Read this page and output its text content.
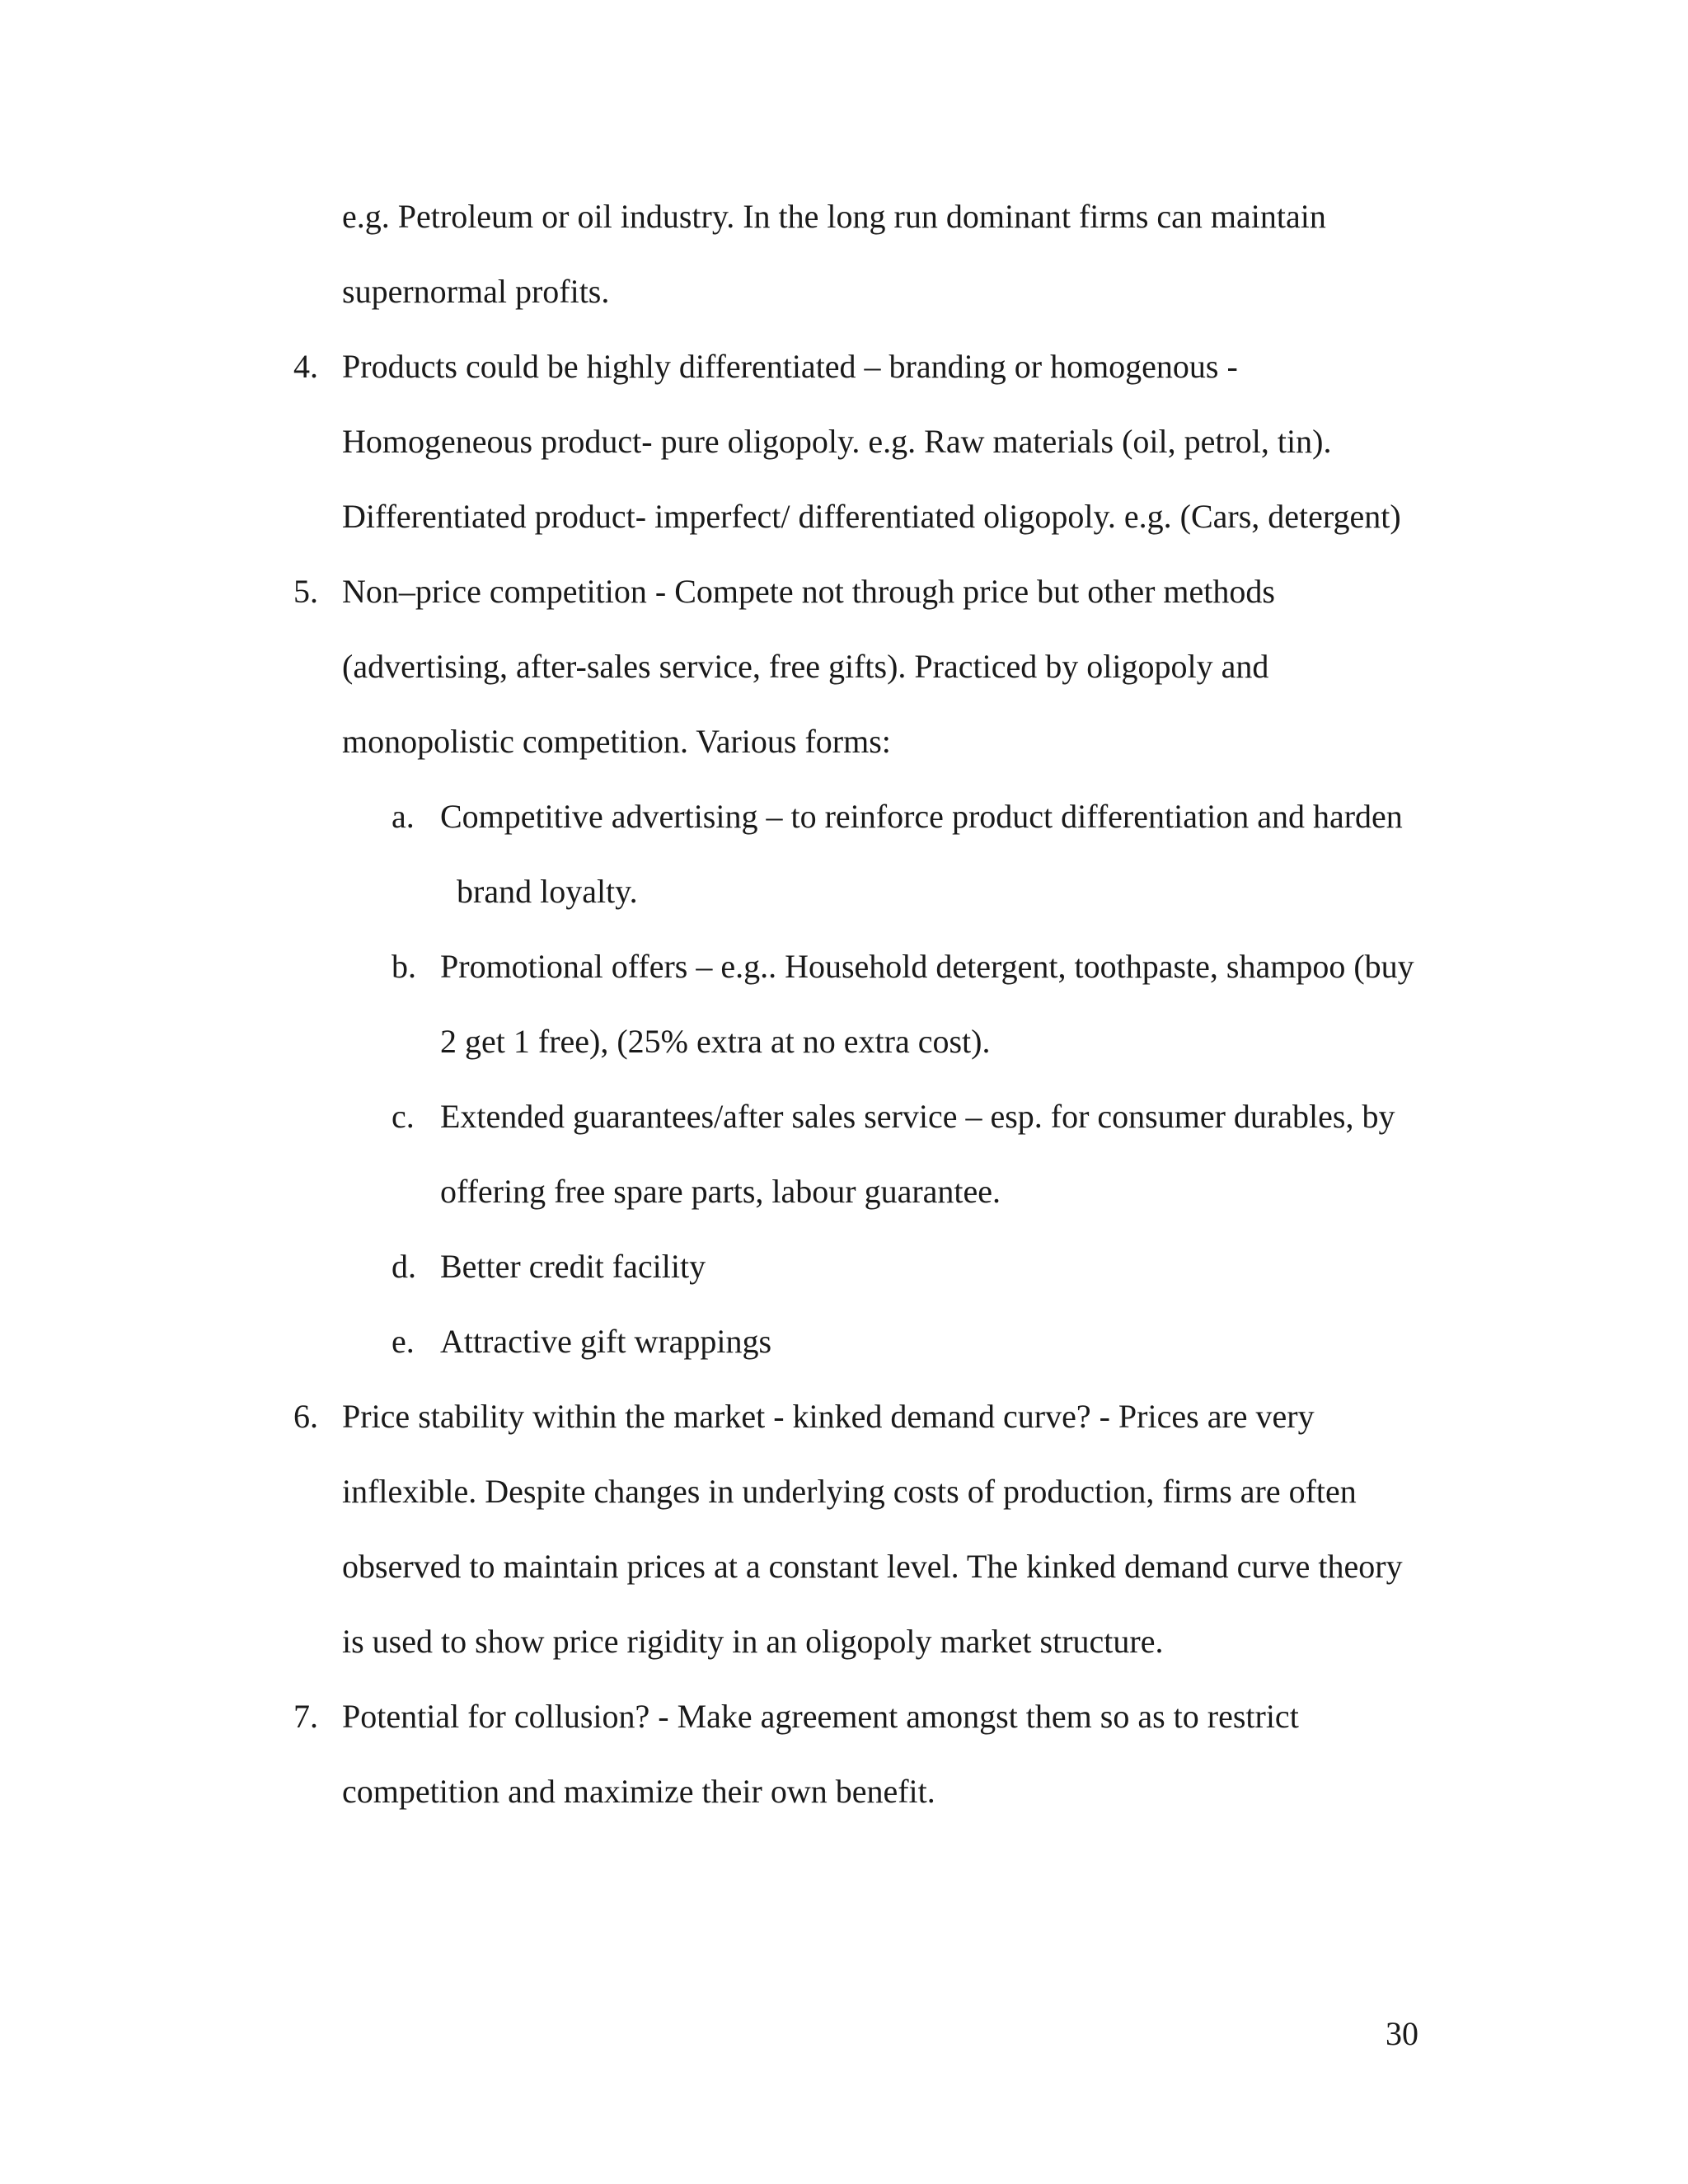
e.g. Petroleum or oil industry. In the long run dominant firms can maintain
supernormal profits.
4. Products could be highly differentiated – branding or homogenous -
Homogeneous product- pure oligopoly. e.g. Raw materials (oil, petrol, tin).
Differentiated product- imperfect/ differentiated oligopoly. e.g. (Cars, detergent)
5. Non–price competition - Compete not through price but other methods
(advertising, after-sales service, free gifts). Practiced by oligopoly and
monopolistic competition. Various forms:
a. Competitive advertising – to reinforce product differentiation and harden
brand loyalty.
b. Promotional offers – e.g.. Household detergent, toothpaste, shampoo (buy
2 get 1 free), (25% extra at no extra cost).
c. Extended guarantees/after sales service – esp. for consumer durables, by
offering free spare parts, labour guarantee.
d. Better credit facility
e. Attractive gift wrappings
6. Price stability within the market - kinked demand curve? - Prices are very
inflexible. Despite changes in underlying costs of production, firms are often
observed to maintain prices at a constant level. The kinked demand curve theory
is used to show price rigidity in an oligopoly market structure.
7. Potential for collusion? - Make agreement amongst them so as to restrict
competition and maximize their own benefit.
30
